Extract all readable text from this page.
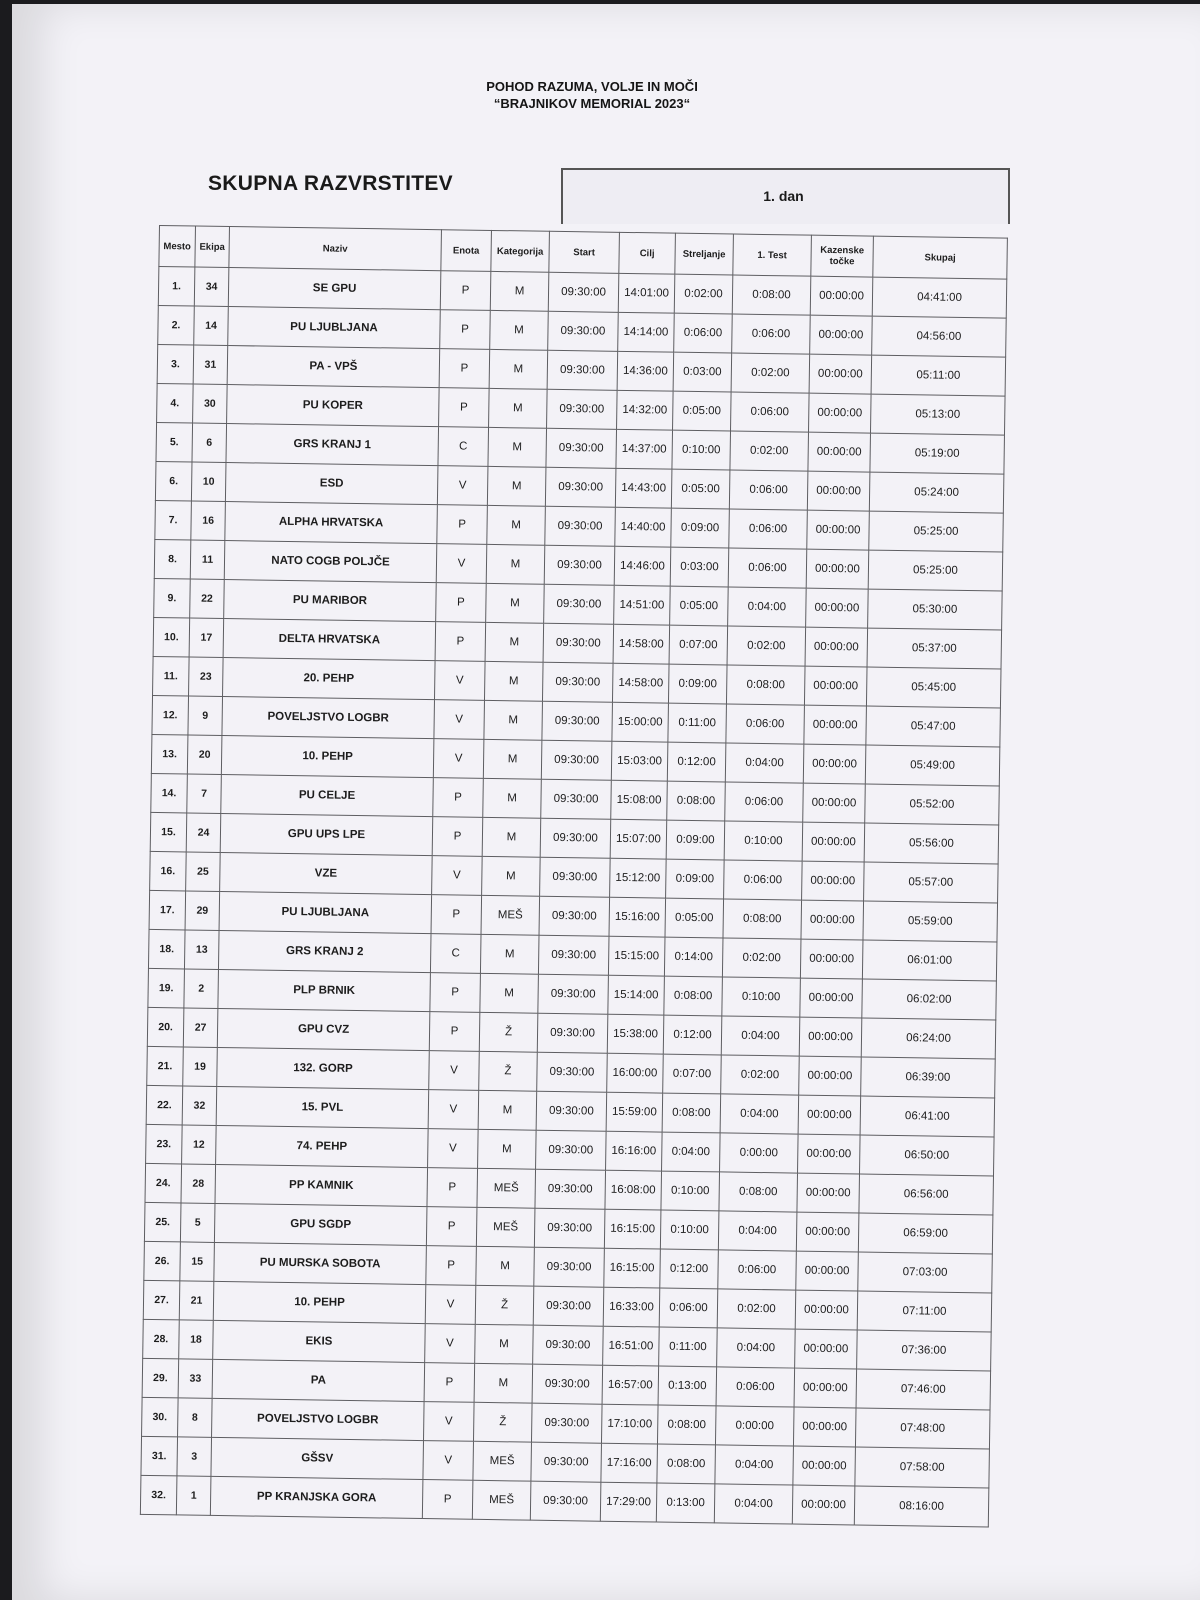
POHOD RAZUMA, VOLJE IN MOČI
“BRAJNIKOV MEMORIAL 2023“
SKUPNA RAZVRSTITEV
1. dan
Mesto	Ekipa	Naziv	Enota	Kategorija	Start	Cilj	Streljanje	1. Test	Kazenske
točke	Skupaj
1.	34	SE GPU	P	M	09:30:00	14:01:00	0:02:00	0:08:00	00:00:00	04:41:00
2.	14	PU LJUBLJANA	P	M	09:30:00	14:14:00	0:06:00	0:06:00	00:00:00	04:56:00
3.	31	PA - VPŠ	P	M	09:30:00	14:36:00	0:03:00	0:02:00	00:00:00	05:11:00
4.	30	PU KOPER	P	M	09:30:00	14:32:00	0:05:00	0:06:00	00:00:00	05:13:00
5.	6	GRS KRANJ 1	C	M	09:30:00	14:37:00	0:10:00	0:02:00	00:00:00	05:19:00
6.	10	ESD	V	M	09:30:00	14:43:00	0:05:00	0:06:00	00:00:00	05:24:00
7.	16	ALPHA HRVATSKA	P	M	09:30:00	14:40:00	0:09:00	0:06:00	00:00:00	05:25:00
8.	11	NATO COGB POLJČE	V	M	09:30:00	14:46:00	0:03:00	0:06:00	00:00:00	05:25:00
9.	22	PU MARIBOR	P	M	09:30:00	14:51:00	0:05:00	0:04:00	00:00:00	05:30:00
10.	17	DELTA HRVATSKA	P	M	09:30:00	14:58:00	0:07:00	0:02:00	00:00:00	05:37:00
11.	23	20. PEHP	V	M	09:30:00	14:58:00	0:09:00	0:08:00	00:00:00	05:45:00
12.	9	POVELJSTVO LOGBR	V	M	09:30:00	15:00:00	0:11:00	0:06:00	00:00:00	05:47:00
13.	20	10. PEHP	V	M	09:30:00	15:03:00	0:12:00	0:04:00	00:00:00	05:49:00
14.	7	PU CELJE	P	M	09:30:00	15:08:00	0:08:00	0:06:00	00:00:00	05:52:00
15.	24	GPU UPS LPE	P	M	09:30:00	15:07:00	0:09:00	0:10:00	00:00:00	05:56:00
16.	25	VZE	V	M	09:30:00	15:12:00	0:09:00	0:06:00	00:00:00	05:57:00
17.	29	PU LJUBLJANA	P	MEŠ	09:30:00	15:16:00	0:05:00	0:08:00	00:00:00	05:59:00
18.	13	GRS KRANJ 2	C	M	09:30:00	15:15:00	0:14:00	0:02:00	00:00:00	06:01:00
19.	2	PLP BRNIK	P	M	09:30:00	15:14:00	0:08:00	0:10:00	00:00:00	06:02:00
20.	27	GPU CVZ	P	Ž	09:30:00	15:38:00	0:12:00	0:04:00	00:00:00	06:24:00
21.	19	132. GORP	V	Ž	09:30:00	16:00:00	0:07:00	0:02:00	00:00:00	06:39:00
22.	32	15. PVL	V	M	09:30:00	15:59:00	0:08:00	0:04:00	00:00:00	06:41:00
23.	12	74. PEHP	V	M	09:30:00	16:16:00	0:04:00	0:00:00	00:00:00	06:50:00
24.	28	PP KAMNIK	P	MEŠ	09:30:00	16:08:00	0:10:00	0:08:00	00:00:00	06:56:00
25.	5	GPU SGDP	P	MEŠ	09:30:00	16:15:00	0:10:00	0:04:00	00:00:00	06:59:00
26.	15	PU MURSKA SOBOTA	P	M	09:30:00	16:15:00	0:12:00	0:06:00	00:00:00	07:03:00
27.	21	10. PEHP	V	Ž	09:30:00	16:33:00	0:06:00	0:02:00	00:00:00	07:11:00
28.	18	EKIS	V	M	09:30:00	16:51:00	0:11:00	0:04:00	00:00:00	07:36:00
29.	33	PA	P	M	09:30:00	16:57:00	0:13:00	0:06:00	00:00:00	07:46:00
30.	8	POVELJSTVO LOGBR	V	Ž	09:30:00	17:10:00	0:08:00	0:00:00	00:00:00	07:48:00
31.	3	GŠSV	V	MEŠ	09:30:00	17:16:00	0:08:00	0:04:00	00:00:00	07:58:00
32.	1	PP KRANJSKA GORA	P	MEŠ	09:30:00	17:29:00	0:13:00	0:04:00	00:00:00	08:16:00
